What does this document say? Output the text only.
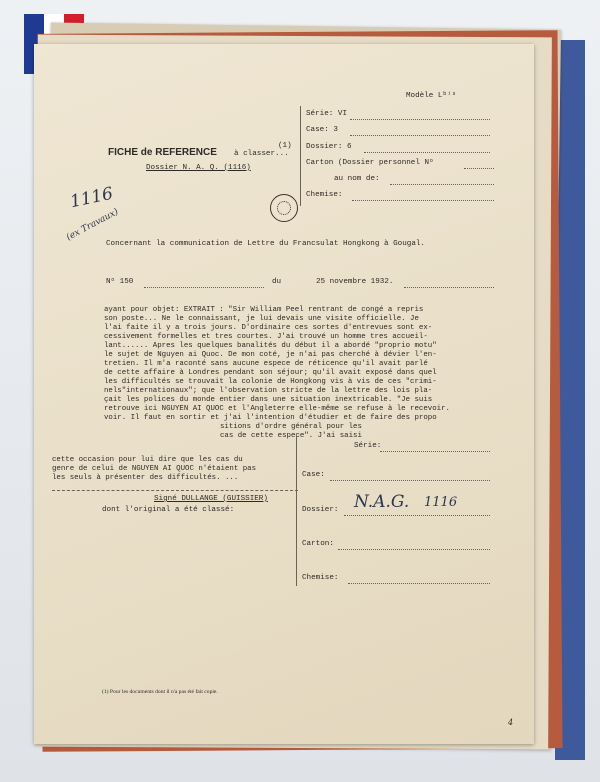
Modèle Lᵇⁱˢ
Série: VI
Case: 3
Dossier: 6
Carton (Dossier personnel Nᵒ
au nom de:
Chemise:
FICHE de REFERENCE à classer...
(1)
Dossier N. A. Q. (1116)
1116
(ex Travaux)
Concernant la communication de Lettre du Francsulat Hongkong à Gougal.
Nᵒ 150	du	25 novembre 1932.
ayant pour objet: EXTRAIT : "Sir William Peel rentrant de congé a repris
son poste... Ne le connaissant, je lui devais une visite officielle. Je
l'ai faite il y a trois jours. D'ordinaire ces sortes d'entrevues sont ex-
cessivement formelles et tres courtes. J'ai trouvé un homme tres accueil-
lant...... Apres les quelques banalités du début il a abordé "proprio motu"
le sujet de Nguyen ai Quoc. De mon coté, je n'ai pas cherché à dévier l'en-
tretien. Il m'a raconté sans aucune espece de réticence qu'il avait parlé
de cette affaire à Londres pendant son séjour; qu'il avait exposé dans quel
les difficultés se trouvait la colonie de Hongkong vis à vis de ces "crimi-
nels"internationaux"; que l'observation stricte de la lettre des lois pla-
çait les polices du monde entier dans une situation inextricable. "Je suis
retrouve ici NGUYEN AI QUOC et l'Angleterre elle-même se refuse à le recevoir.
voir. Il faut en sortir et j'ai l'intention d'étudier et de faire des propo
sitions d'ordre général pour les
cas de cette espece". J'ai saisi
cette occasion pour lui dire que les cas du
genre de celui de NGUYEN AI QUOC n'étaient pas
les seuls à présenter des difficultés. ...
Signé DULLANGE (GUISSIER)
dont l'original a été classé:
Série:
Case:
Dossier: N.A.G. 1116
Carton:
Chemise:
(1) Pour les documents dont il n'a pas été fait copie.
4
